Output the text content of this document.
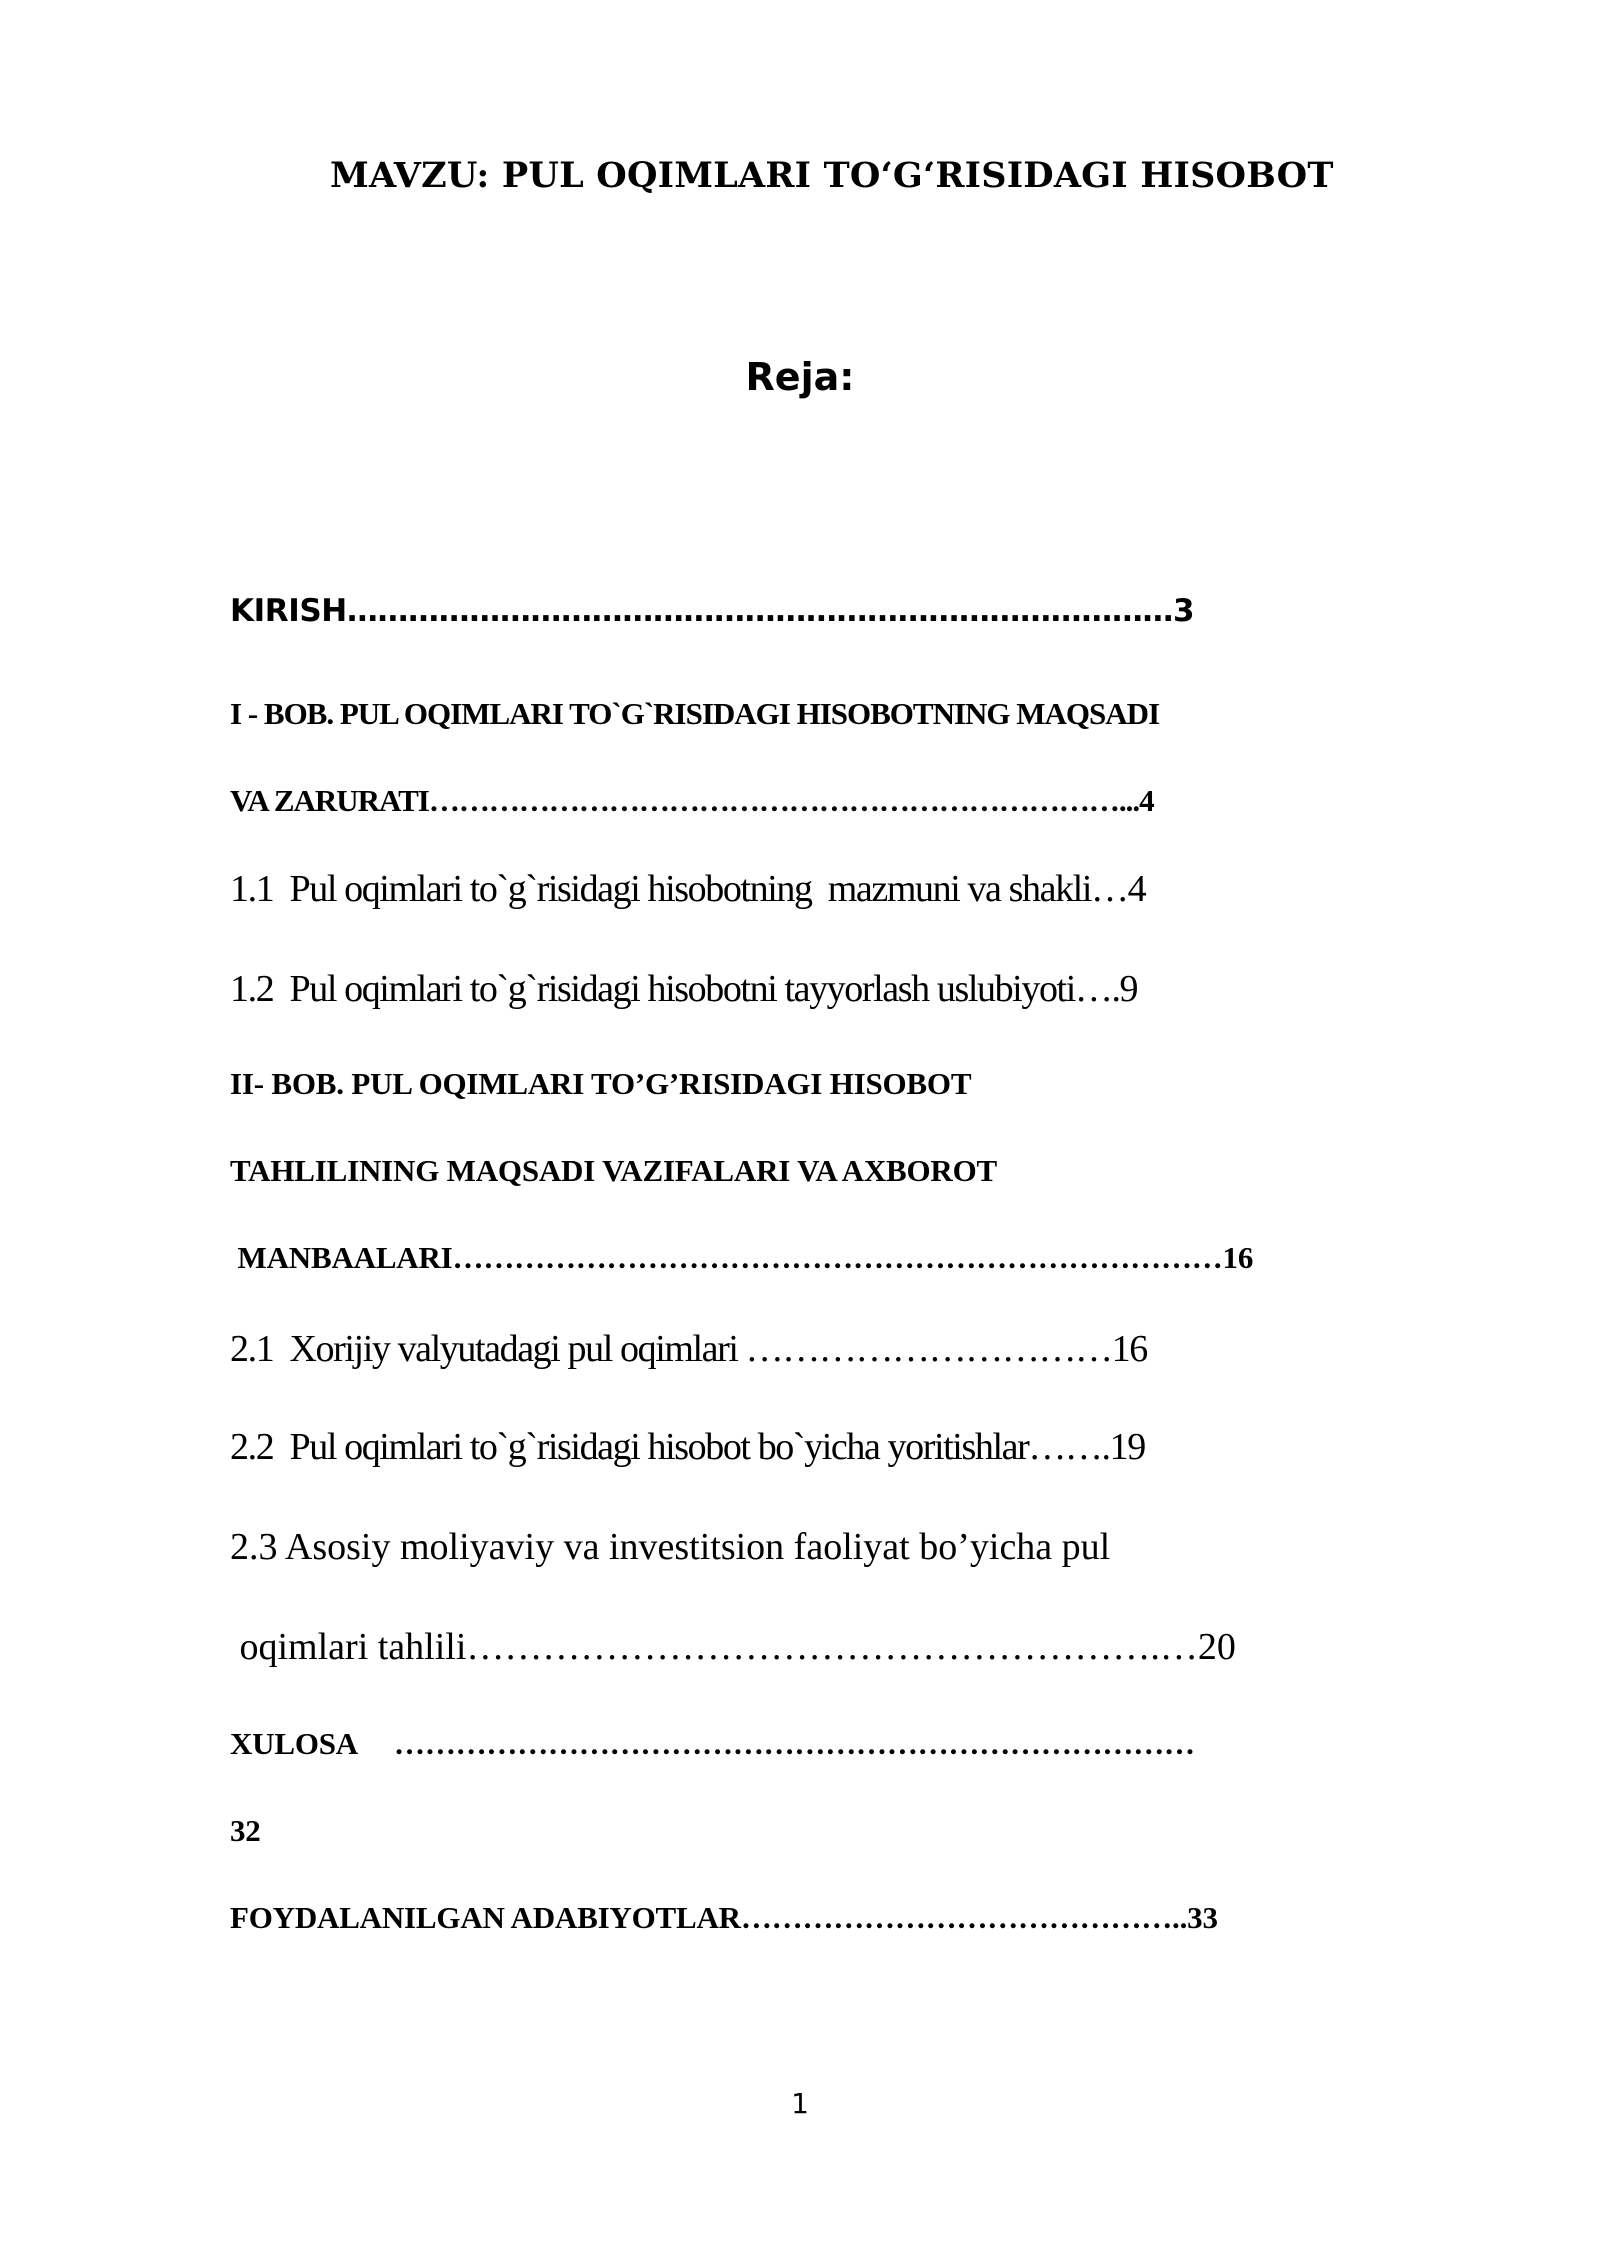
MAVZU: PUL OQIMLARI TO‘G‘RISIDAGI HISOBOT
Reja:
KIRISH………………………………………………………………………3
I - BOB. PUL OQIMLARI TO`G`RISIDAGI HISOBOTNING MAQSADI
VA ZARURATI……………………………………………………………...4
1.1  Pul oqimlari to`g`risidagi hisobotning  mazmuni va shakli…4
1.2  Pul oqimlari to`g`risidagi hisobotni tayyorlash uslubiyoti….9
II- BOB. PUL OQIMLARI TO’G’RISIDAGI HISOBOT
TAHLILINING MAQSADI VAZIFALARI VA AXBOROT
MANBAALARI…………………………………………………………………16
2.1  Xorijiy valyutadagi pul oqimlari …………………………16
2.2  Pul oqimlari to`g`risidagi hisobot bo`yicha yoritishlar…….19
2.3 Asosiy moliyaviy va investitsion faoliyat bo’yicha pul
oqimlari tahlili……………………………………………….…20
XULOSA     ……………………………………………………………………
32
FOYDALANILGAN ADABIYOTLAR……………………………………..33
1
